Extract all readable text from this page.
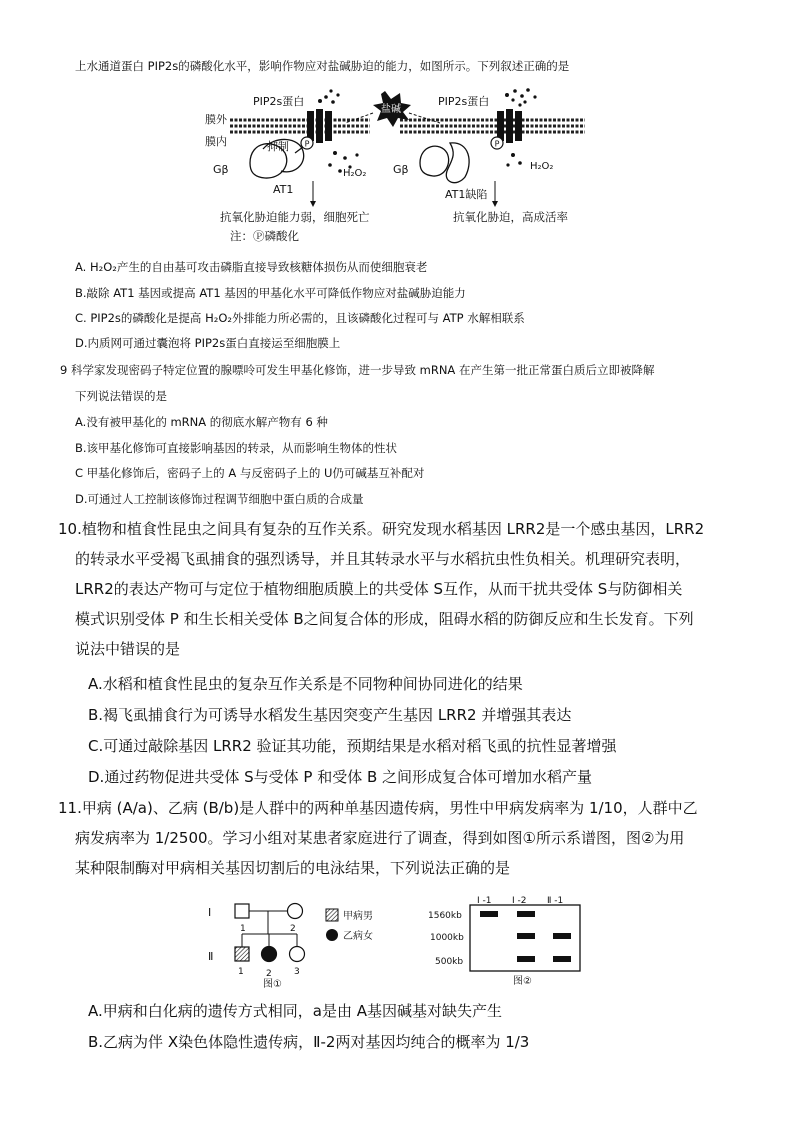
上水通道蛋白 PIP2s的磷酸化水平，影响作物应对盐碱胁迫的能力，如图所示。下列叙述正确的是
P	P
盐碱
膜外
膜内
PIP2s蛋白	PIP2s蛋白
抑制
Gβ	Gβ
AT1	AT1缺陷
H₂O₂
H₂O₂
抗氧化胁迫能力弱，细胞死亡	抗氧化胁迫，高成活率
注：Ⓟ磷酸化
A. H₂O₂产生的自由基可攻击磷脂直接导致核糖体损伤从而使细胞衰老
B.敲除 AT1 基因或提高 AT1 基因的甲基化水平可降低作物应对盐碱胁迫能力
C. PIP2s的磷酸化是提高 H₂O₂外排能力所必需的，且该磷酸化过程可与 ATP 水解相联系
D.内质网可通过囊泡将 PIP2s蛋白直接运至细胞膜上
9 科学家发现密码子特定位置的腺嘌呤可发生甲基化修饰，进一步导致 mRNA 在产生第一批正常蛋白质后立即被降解
下列说法错误的是
A.没有被甲基化的 mRNA 的彻底水解产物有 6 种
B.该甲基化修饰可直接影响基因的转录，从而影响生物体的性状
C 甲基化修饰后，密码子上的 A 与反密码子上的 U仍可碱基互补配对
D.可通过人工控制该修饰过程调节细胞中蛋白质的合成量
10.植物和植食性昆虫之间具有复杂的互作关系。研究发现水稻基因 LRR2是一个感虫基因，LRR2
的转录水平受褐飞虱捕食的强烈诱导，并且其转录水平与水稻抗虫性负相关。机理研究表明，
LRR2的表达产物可与定位于植物细胞质膜上的共受体 S互作，从而干扰共受体 S与防御相关
模式识别受体 P 和生长相关受体 B之间复合体的形成，阻碍水稻的防御反应和生长发育。下列
说法中错误的是
A.水稻和植食性昆虫的复杂互作关系是不同物种间协同进化的结果
B.褐飞虱捕食行为可诱导水稻发生基因突变产生基因 LRR2 并增强其表达
C.可通过敲除基因 LRR2 验证其功能，预期结果是水稻对稻飞虱的抗性显著增强
D.通过药物促进共受体 S与受体 P 和受体 B 之间形成复合体可增加水稻产量
11.甲病 (A/a)、乙病 (B/b)是人群中的两种单基因遗传病，男性中甲病发病率为 1/10，人群中乙
病发病率为 1/2500。学习小组对某患者家庭进行了调查，得到如图①所示系谱图，图②为用
某种限制酶对甲病相关基因切割后的电泳结果，下列说法正确的是
I
Ⅱ
1	2
1 2 3
甲病男
乙病女
图①
I -1 I -2 Ⅱ -1
1560kb
1000kb
500kb
图②
A.甲病和白化病的遗传方式相同，a是由 A基因碱基对缺失产生
B.乙病为伴 X染色体隐性遗传病，Ⅱ-2两对基因均纯合的概率为 1/3
